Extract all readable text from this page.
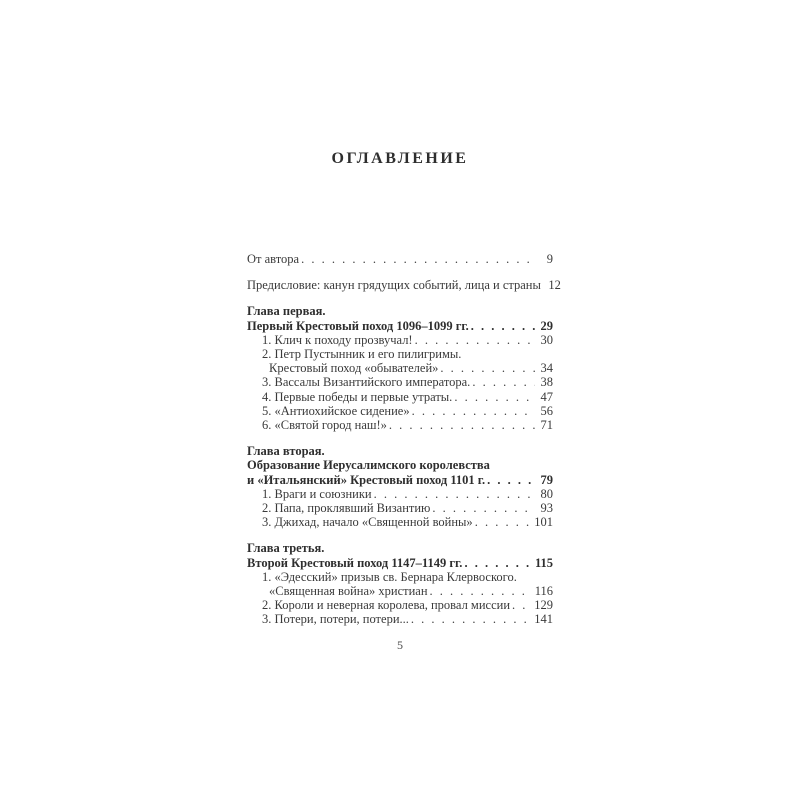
ОГЛАВЛЕНИЕ
От автора . . .	9
Предисловие: канун грядущих событий, лица и страны 12
Глава первая.
Первый Крестовый поход 1096–1099 гг. . . .	29
1. Клич к походу прозвучал! . . .	30
2. Петр Пустынник и его пилигримы.
Крестовый поход «обывателей» . . .	34
3. Вассалы Византийского императора. . . .	38
4. Первые победы и первые утраты. . . .	47
5. «Антиохийское сидение» . . .	56
6. «Святой город наш!» . . .	71
Глава вторая.
Образование Иерусалимского королевства
и «Итальянский» Крестовый поход 1101 г. . . .	79
1. Враги и союзники . . .	80
2. Папа, проклявший Византию . . .	93
3. Джихад, начало «Священной войны» . . .	101
Глава третья.
Второй Крестовый поход 1147–1149 гг. . . .	115
1. «Эдесский» призыв св. Бернара Клервоского.
«Священная война» христиан . . .	116
2. Короли и неверная королева, провал миссии . . . 129
3. Потери, потери, потери... . . .	141
5
